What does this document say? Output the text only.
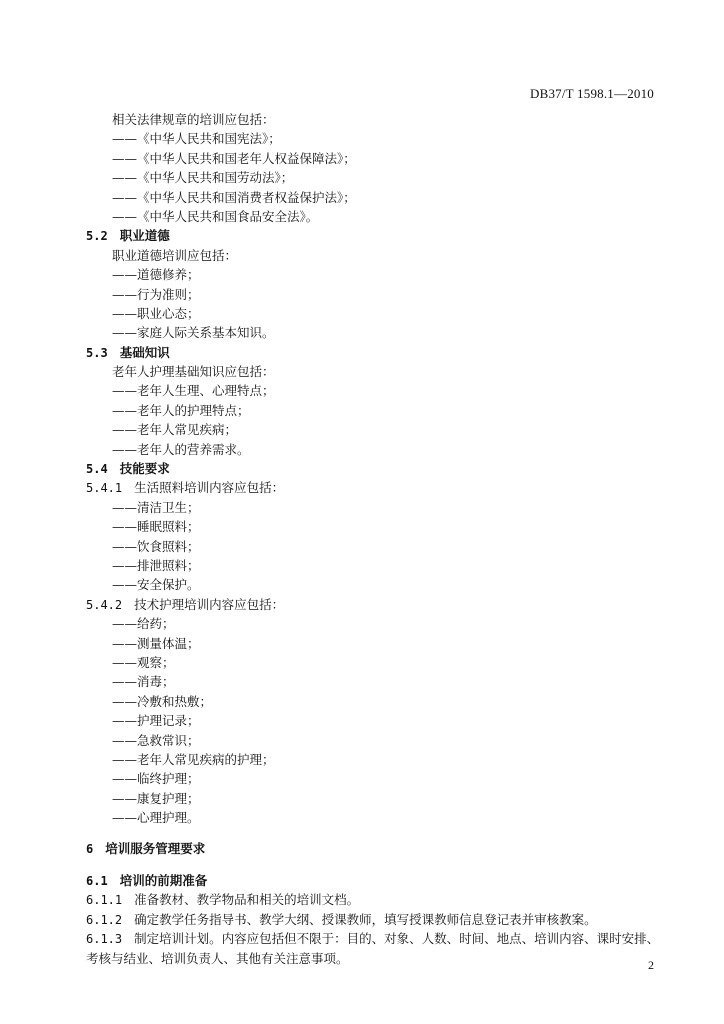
DB37/T 1598.1—2010
相关法律规章的培训应包括：
——《中华人民共和国宪法》；
——《中华人民共和国老年人权益保障法》；
——《中华人民共和国劳动法》；
——《中华人民共和国消费者权益保护法》；
——《中华人民共和国食品安全法》。
5.2 职业道德
职业道德培训应包括：
——道德修养；
——行为准则；
——职业心态；
——家庭人际关系基本知识。
5.3 基础知识
老年人护理基础知识应包括：
——老年人生理、心理特点；
——老年人的护理特点；
——老年人常见疾病；
——老年人的营养需求。
5.4 技能要求
5.4.1 生活照料培训内容应包括：
——清洁卫生；
——睡眠照料；
——饮食照料；
——排泄照料；
——安全保护。
5.4.2 技术护理培训内容应包括：
——给药；
——测量体温；
——观察；
——消毒；
——冷敷和热敷；
——护理记录；
——急救常识；
——老年人常见疾病的护理；
——临终护理；
——康复护理；
——心理护理。
6 培训服务管理要求
6.1 培训的前期准备
6.1.1 准备教材、教学物品和相关的培训文档。
6.1.2 确定教学任务指导书、教学大纲、授课教师，填写授课教师信息登记表并审核教案。
6.1.3 制定培训计划。内容应包括但不限于：目的、对象、人数、时间、地点、培训内容、课时安排、考核与结业、培训负责人、其他有关注意事项。	2
